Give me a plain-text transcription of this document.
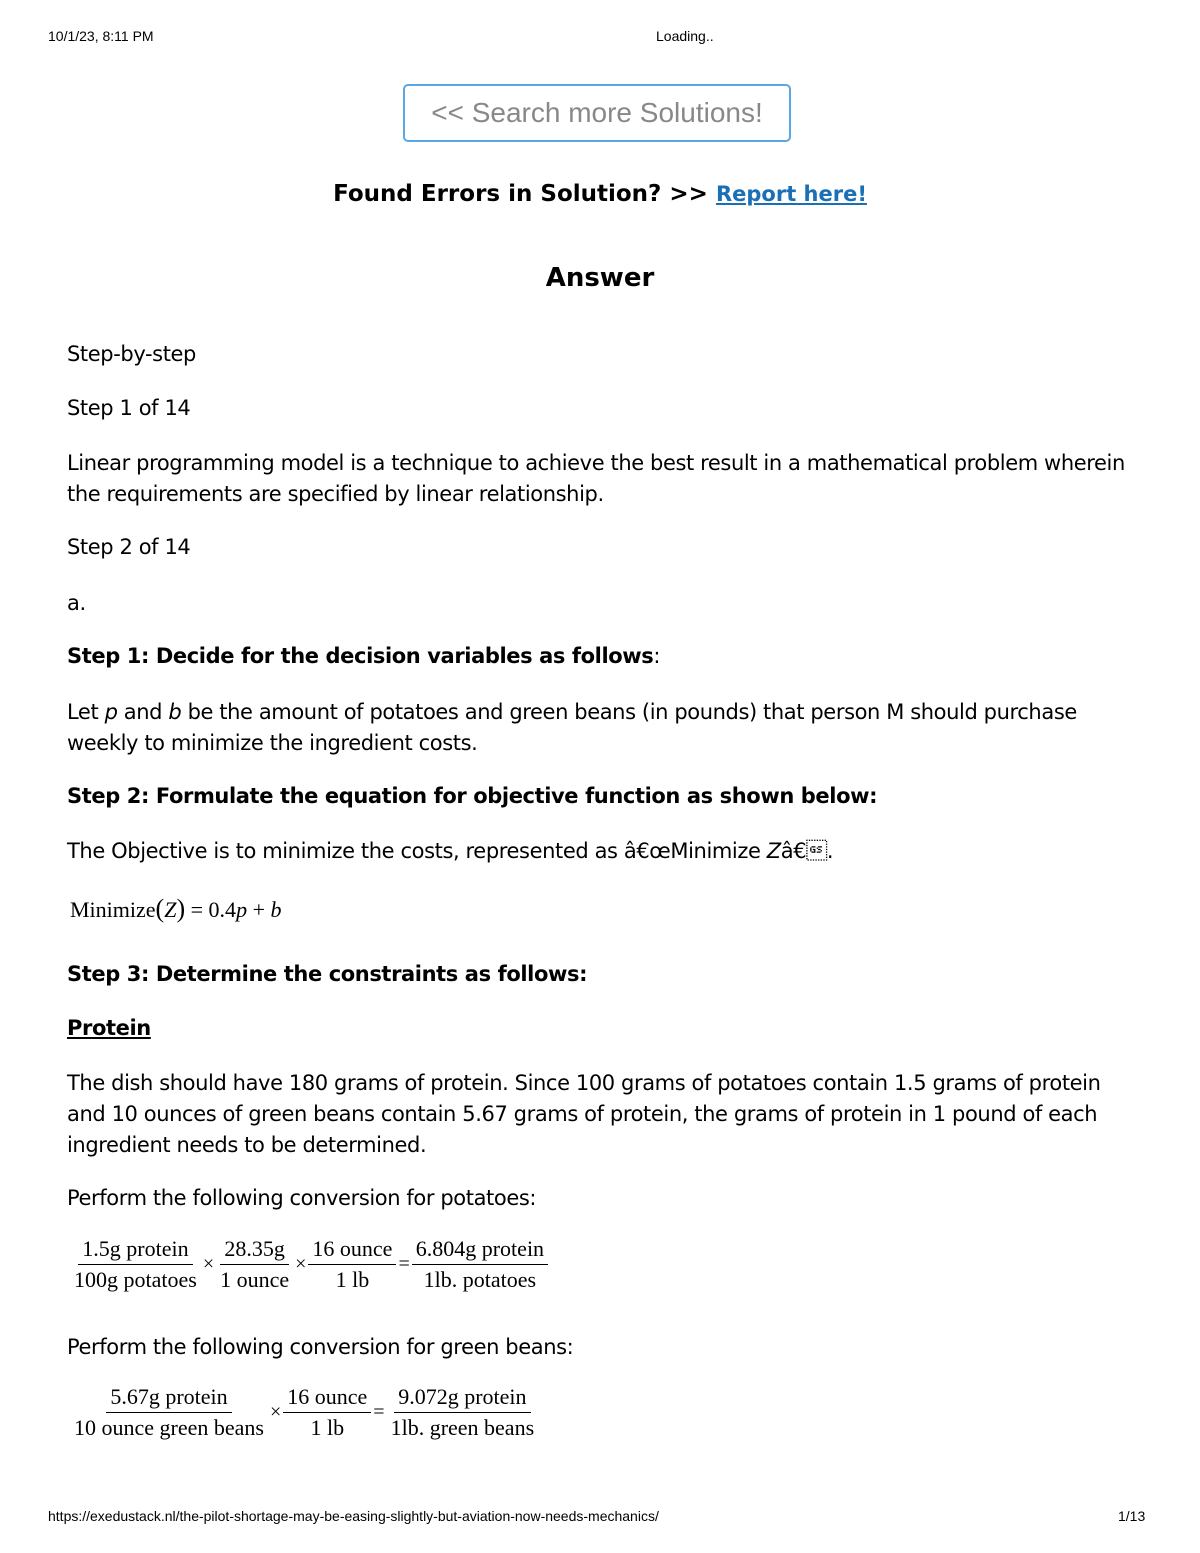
10/1/23, 8:11 PM	Loading..
<< Search more Solutions!
Found Errors in Solution? >> Report here!
Answer
Step-by-step
Step 1 of 14
Linear programming model is a technique to achieve the best result in a mathematical problem wherein the requirements are specified by linear relationship.
Step 2 of 14
a.
Step 1: Decide for the decision variables as follows:
Let p and b be the amount of potatoes and green beans (in pounds) that person M should purchase weekly to minimize the ingredient costs.
Step 2: Formulate the equation for objective function as shown below:
The Objective is to minimize the costs, represented as â€œMinimize Zâ€.
Minimize(Z) = 0.4p + b
Step 3: Determine the constraints as follows:
Protein
The dish should have 180 grams of protein. Since 100 grams of potatoes contain 1.5 grams of protein and 10 ounces of green beans contain 5.67 grams of protein, the grams of protein in 1 pound of each ingredient needs to be determined.
Perform the following conversion for potatoes:
$\frac{\text{1.5g protein}}{\text{100g potatoes}} \times \frac{28.35g}{\text{1 ounce}} \times \frac{\text{16 ounce}}{1 lb} = \frac{\text{6.804g protein}}{\text{1lb. potatoes}}$
Perform the following conversion for green beans:
$\frac{\text{5.67g protein}}{\text{10 ounce green beans}} \times \frac{\text{16 ounce}}{1 lb} = \frac{\text{9.072g protein}}{\text{1lb. green beans}}$
https://exedustack.nl/the-pilot-shortage-may-be-easing-slightly-but-aviation-now-needs-mechanics/	1/13
